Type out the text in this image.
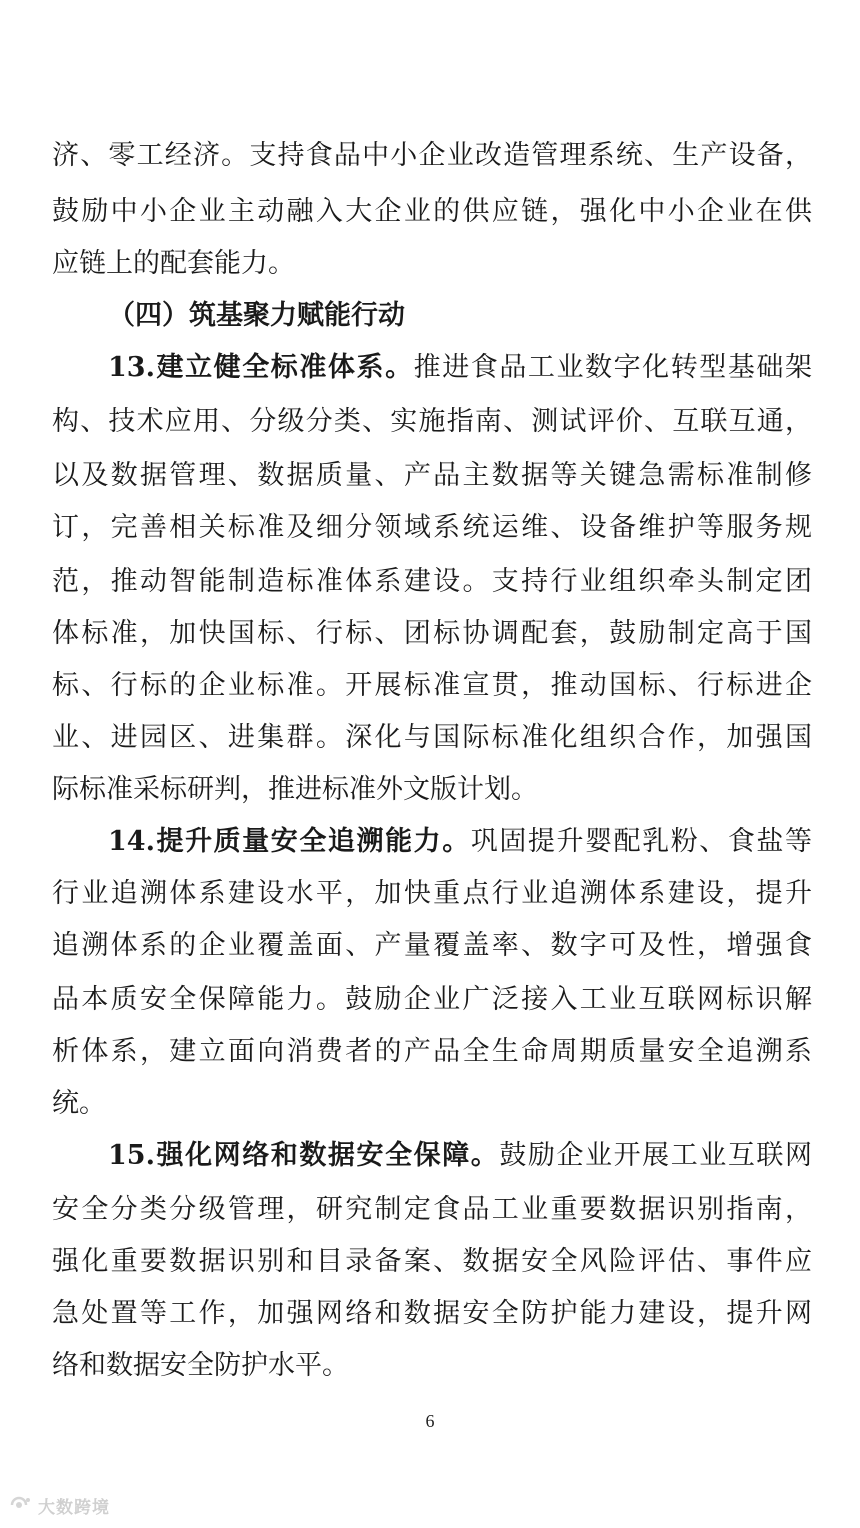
济、零工经济。支持食品中小企业改造管理系统、生产设备，
鼓励中小企业主动融入大企业的供应链，强化中小企业在供
应链上的配套能力。
（四）筑基聚力赋能行动
13.建立健全标准体系。推进食品工业数字化转型基础架
构、技术应用、分级分类、实施指南、测试评价、互联互通，
以及数据管理、数据质量、产品主数据等关键急需标准制修
订，完善相关标准及细分领域系统运维、设备维护等服务规
范，推动智能制造标准体系建设。支持行业组织牵头制定团
体标准，加快国标、行标、团标协调配套，鼓励制定高于国
标、行标的企业标准。开展标准宣贯，推动国标、行标进企
业、进园区、进集群。深化与国际标准化组织合作，加强国
际标准采标研判，推进标准外文版计划。
14.提升质量安全追溯能力。巩固提升婴配乳粉、食盐等
行业追溯体系建设水平，加快重点行业追溯体系建设，提升
追溯体系的企业覆盖面、产量覆盖率、数字可及性，增强食
品本质安全保障能力。鼓励企业广泛接入工业互联网标识解
析体系，建立面向消费者的产品全生命周期质量安全追溯系
统。
15.强化网络和数据安全保障。鼓励企业开展工业互联网
安全分类分级管理，研究制定食品工业重要数据识别指南，
强化重要数据识别和目录备案、数据安全风险评估、事件应
急处置等工作，加强网络和数据安全防护能力建设，提升网
络和数据安全防护水平。
6
大数跨境
